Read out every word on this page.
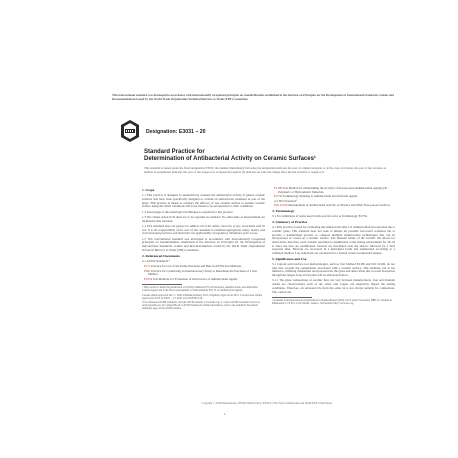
This international standard was developed in accordance with internationally recognized principles on standardization established in the Decision on Principles for the Development of International Standards, Guides and Recommendations issued by the World Trade Organization Technical Barriers to Trade (TBT) Committee.
Designation: E3031 − 20
Standard Practice for
Determination of Antibacterial Activity on Ceramic Surfaces¹
This standard is issued under the fixed designation E3031; the number immediately following the designation indicates the year of original adoption or, in the case of revision, the year of last revision. A number in parentheses indicates the year of last reapproval. A superscript epsilon (ε) indicates an editorial change since the last revision or reapproval.
1. Scope

1.1 This practice is designed to quantitatively evaluate the antibacterial activity of glazed ceramic surfaces that have been specifically designed to contain an antibacterial treatment as part of the glaze. This practice is meant to compare the efficacy of one ceramic surface to another ceramic surface using the stated conditions and is not meant to be extrapolated to other conditions.

1.2 Knowledge of microbiological techniques is required for this practice.

1.3 The values stated in SI units are to be regarded as standard. No other units of measurement are included in this standard.

1.4 This standard does not purport to address all of the safety concerns, if any, associated with its use. It is the responsibility of the user of this standard to establish appropriate safety, health, and environmental practices and determine the applicability of regulatory limitations prior to use.

1.5 This international standard was developed in accordance with internationally recognized principles on standardization established in the Decision on Principles for the Development of International Standards, Guides and Recommendations issued by the World Trade Organization Technical Barriers to Trade (TBT) Committee.

2. Referenced Documents

2.1 ASTM Standards:²

E177 Practice for Use of the Terms Precision and Bias in ASTM Test Methods

E691 Practice for Conducting an Interlaboratory Study to Determine the Precision of a Test Method

E1054 Test Methods for Evaluation of Inactivators of Antimicrobial Agents

¹ This practice is under the jurisdiction of ASTM Committee E35 on Pesticides, Antimicrobials, and Alternative Control Agents and is the direct responsibility of Subcommittee E35.15 on Antimicrobial Agents.

Current edition approved Dec. 1, 2020. Published January 2021. Originally approved in 2015. Last previous edition approved in 2015 as E3031 – 15. DOI: 10.1520/E3031-20.

² For referenced ASTM standards, visit the ASTM website, www.astm.org, or contact ASTM Customer Service at service@astm.org. For Annual Book of ASTM Standards volume information, refer to the standard's Document Summary page on the ASTM website.

E2180 Test Method for Determining the Activity of Incorporated Antimicrobial Agent(s) In Polymeric or Hydrophobic Materials

E2756 Terminology Relating to Antimicrobial and Antiviral Agents

2.2 ISO Standard:³

ISO 22196 Measurement of Antibacterial Activity on Plastics and Other Non-porous Surfaces

3. Terminology

3.1 For definitions of terms used in this practice refer to Terminology E2756.

4. Summary of Practice

4.1 This practice is used for evaluating the antibacterial effect of antimicrobials incorporated into a ceramic glaze. This standard does not seek to imitate all possible real-world scenarios but to provide a standardized practice to compare multiple antimicrobial technologies that can be incorporated or coated on a ceramic surface. The inherent nature of the ceramic tile allows for desiccation; therefore, each ceramic specimen is equilibrated to the testing environment for 18–24 h. Once the tiles are equilibrated, bacteria are inoculated onto the surface followed by a 24-h exposure time. Bacteria are recovered in a neutralizer broth and enumerated according to a validated method. Log reductions are calculated for a treated versus an untreated sample.

5. Significance and Use

5.1 Current solid surface test methodologies, such as Test Method E2180 and ISO 22196, do not take into account the complexities associated with a ceramic surface. This includes, but is not limited to, differing chemistries incorporated into the glaze and desiccation due to water absorption through the bisque body. Each point will be elaborated below.

5.1.1 The glaze composition of ceramic tiles can vary between manufacturers. Iron and titanium oxides are characteristics such as tin, silver and copper can negatively impact the testing conditions. Therefore, an untreated tile from the same lot is not always suitable for comparison. The control tile

³ Available from International Organization for Standardization (ISO), ISO Central Secretariat, BIBC II, Chemin de Blandonnet 8, CP 401, 1214 Vernier, Geneva, Switzerland, http://www.iso.org.

Copyright © ASTM International, 100 Barr Harbor Drive, PO Box C700, West Conshohocken, PA 19428-2959. United States
1
